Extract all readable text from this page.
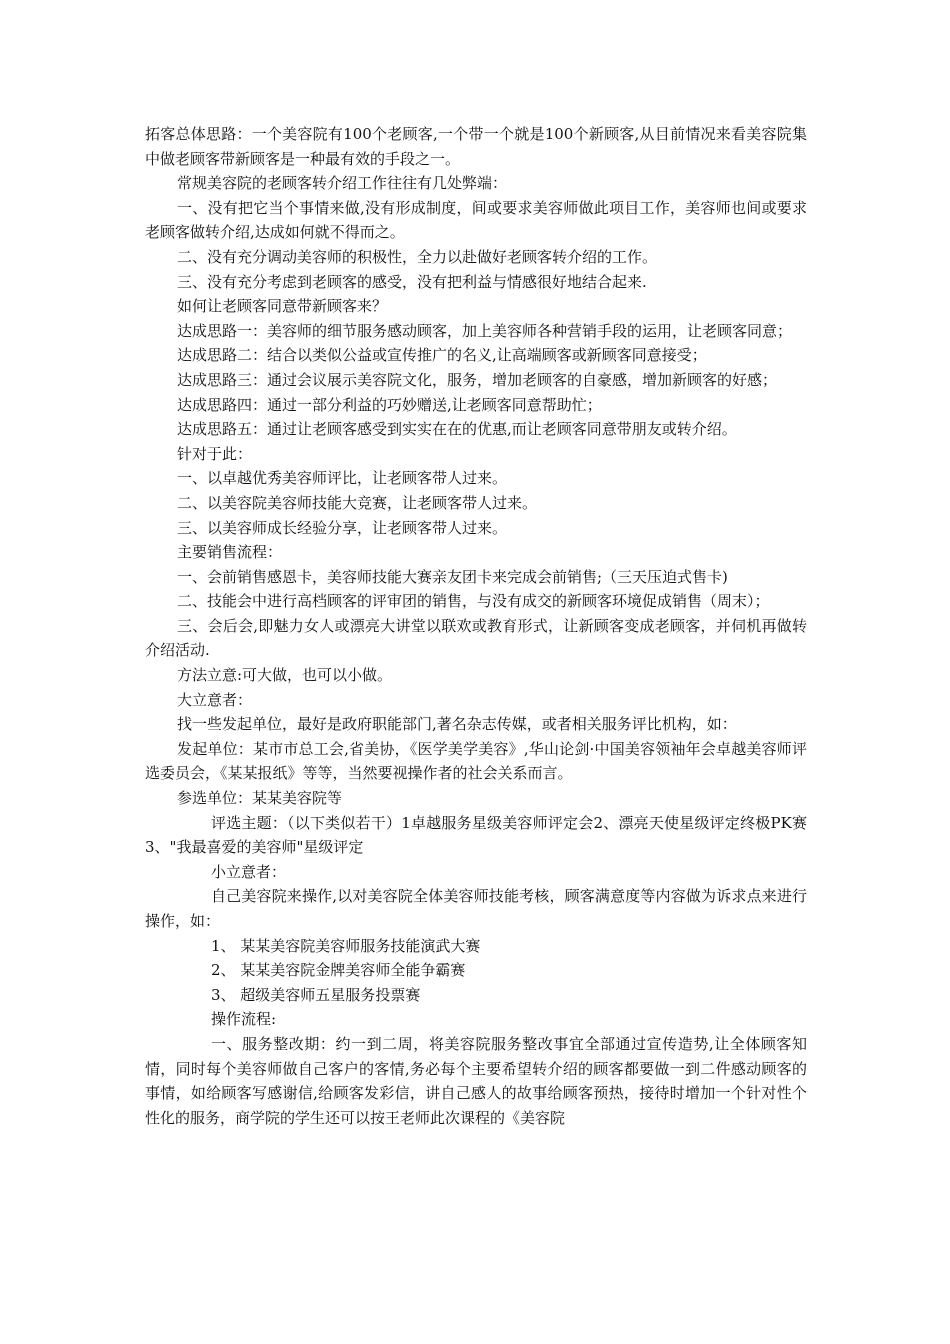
拓客总体思路：一个美容院有100个老顾客,一个带一个就是100个新顾客,从目前情况来看美容院集中做老顾客带新顾客是一种最有效的手段之一。

常规美容院的老顾客转介绍工作往往有几处弊端：

一、没有把它当个事情来做,没有形成制度，间或要求美容师做此项目工作，美容师也间或要求老顾客做转介绍,达成如何就不得而之。

二、没有充分调动美容师的积极性，全力以赴做好老顾客转介绍的工作。

三、没有充分考虑到老顾客的感受，没有把利益与情感很好地结合起来.

如何让老顾客同意带新顾客来？

达成思路一：美容师的细节服务感动顾客，加上美容师各种营销手段的运用，让老顾客同意；

达成思路二：结合以类似公益或宣传推广的名义,让高端顾客或新顾客同意接受；

达成思路三：通过会议展示美容院文化，服务，增加老顾客的自豪感，增加新顾客的好感；

达成思路四：通过一部分利益的巧妙赠送,让老顾客同意帮助忙；

达成思路五：通过让老顾客感受到实实在在的优惠,而让老顾客同意带朋友或转介绍。

针对于此：

一、以卓越优秀美容师评比，让老顾客带人过来。

二、以美容院美容师技能大竞赛，让老顾客带人过来。

三、以美容师成长经验分享，让老顾客带人过来。

主要销售流程：

一、会前销售感恩卡，美容师技能大赛亲友团卡来完成会前销售;（三天压迫式售卡)

二、技能会中进行高档顾客的评审团的销售，与没有成交的新顾客环境促成销售（周末）；

三、会后会,即魅力女人或漂亮大讲堂以联欢或教育形式，让新顾客变成老顾客，并伺机再做转介绍活动.

方法立意:可大做，也可以小做。

大立意者：

找一些发起单位，最好是政府职能部门,著名杂志传媒，或者相关服务评比机构，如：

发起单位：某市市总工会,省美协，《医学美学美容》,华山论剑·中国美容领袖年会卓越美容师评选委员会，《某某报纸》等等，当然要视操作者的社会关系而言。

参选单位：某某美容院等

评选主题：（以下类似若干）1卓越服务星级美容师评定会2、漂亮天使星级评定终极PK赛3、"我最喜爱的美容师"星级评定

小立意者：

自己美容院来操作,以对美容院全体美容师技能考核，顾客满意度等内容做为诉求点来进行操作，如：

1、 某某美容院美容师服务技能演武大赛

2、 某某美容院金牌美容师全能争霸赛

3、 超级美容师五星服务投票赛

操作流程:

一、服务整改期：约一到二周，将美容院服务整改事宜全部通过宣传造势,让全体顾客知情，同时每个美容师做自己客户的客情,务必每个主要希望转介绍的顾客都要做一到二件感动顾客的事情，如给顾客写感谢信,给顾客发彩信，讲自己感人的故事给顾客预热，接待时增加一个针对性个性化的服务，商学院的学生还可以按王老师此次课程的《美容院
